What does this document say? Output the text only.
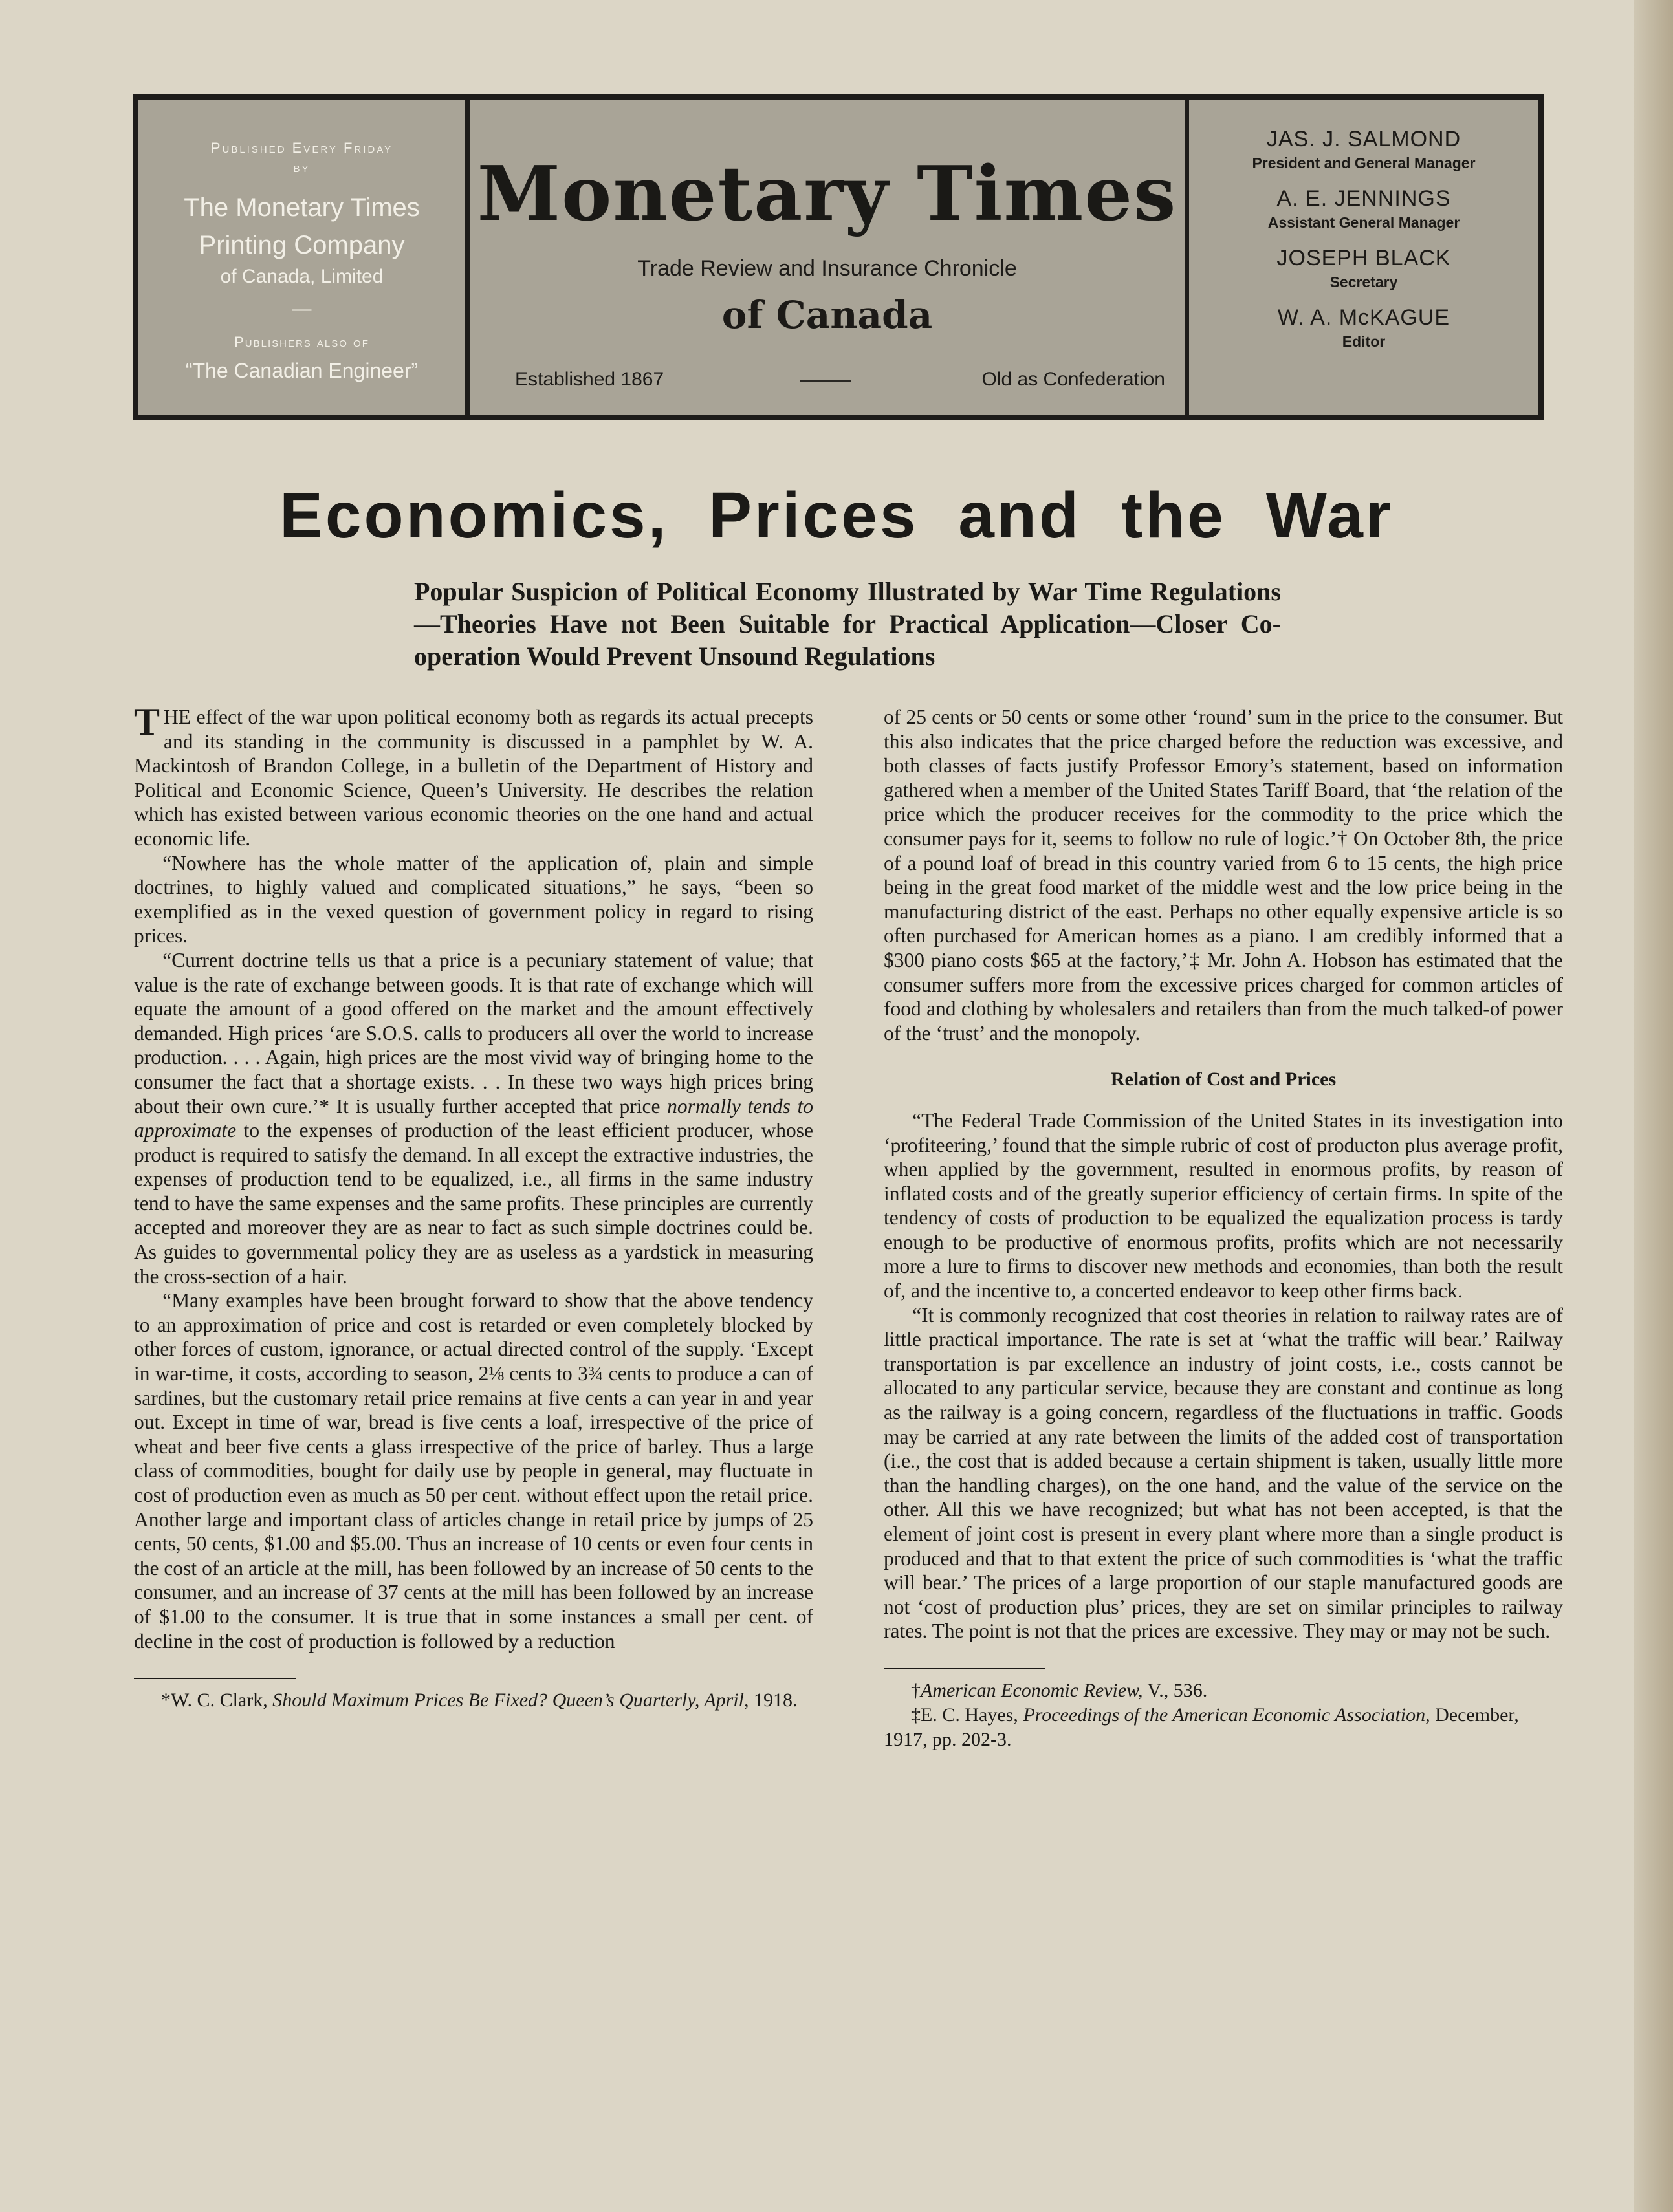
Published Every Friday
by
The Monetary Times
Printing Company
of Canada, Limited
—
Publishers also of
“The Canadian Engineer”
Monetary Times
Trade Review and Insurance Chronicle
of Canada
Established 1867	Old as Confederation
JAS. J. SALMOND
President and General Manager
A. E. JENNINGS
Assistant General Manager
JOSEPH BLACK
Secretary
W. A. McKAGUE
Editor
Economics, Prices and the War
Popular Suspicion of Political Economy Illustrated by War Time Regulations—Theories Have not Been Suitable for Practical Application—Closer Co-operation Would Prevent Unsound Regulations

THE effect of the war upon political economy both as regards its actual precepts and its standing in the community is discussed in a pamphlet by W. A. Mackintosh of Brandon College, in a bulletin of the Department of History and Political and Economic Science, Queen’s University. He describes the relation which has existed between various economic theories on the one hand and actual economic life.

“Nowhere has the whole matter of the application of, plain and simple doctrines, to highly valued and complicated situations,” he says, “been so exemplified as in the vexed question of government policy in regard to rising prices.

“Current doctrine tells us that a price is a pecuniary statement of value; that value is the rate of exchange between goods. It is that rate of exchange which will equate the amount of a good offered on the market and the amount effectively demanded. High prices ‘are S.O.S. calls to producers all over the world to increase production. . . . Again, high prices are the most vivid way of bringing home to the consumer the fact that a shortage exists. . . In these two ways high prices bring about their own cure.’* It is usually further accepted that price normally tends to approximate to the expenses of production of the least efficient producer, whose product is required to satisfy the demand. In all except the extractive industries, the expenses of production tend to be equalized, i.e., all firms in the same industry tend to have the same expenses and the same profits. These principles are currently accepted and moreover they are as near to fact as such simple doctrines could be. As guides to governmental policy they are as useless as a yardstick in measuring the cross-section of a hair.

“Many examples have been brought forward to show that the above tendency to an approximation of price and cost is retarded or even completely blocked by other forces of custom, ignorance, or actual directed control of the supply. ‘Except in war-time, it costs, according to season, 2⅛ cents to 3¾ cents to produce a can of sardines, but the customary retail price remains at five cents a can year in and year out. Except in time of war, bread is five cents a loaf, irrespective of the price of wheat and beer five cents a glass irrespective of the price of barley. Thus a large class of commodities, bought for daily use by people in general, may fluctuate in cost of production even as much as 50 per cent. without effect upon the retail price. Another large and important class of articles change in retail price by jumps of 25 cents, 50 cents, $1.00 and $5.00. Thus an increase of 10 cents or even four cents in the cost of an article at the mill, has been followed by an increase of 50 cents to the consumer, and an increase of 37 cents at the mill has been followed by an increase of $1.00 to the consumer. It is true that in some instances a small per cent. of decline in the cost of production is followed by a reduction

*W. C. Clark, Should Maximum Prices Be Fixed? Queen’s Quarterly, April, 1918.

of 25 cents or 50 cents or some other ‘round’ sum in the price to the consumer. But this also indicates that the price charged before the reduction was excessive, and both classes of facts justify Professor Emory’s statement, based on information gathered when a member of the United States Tariff Board, that ‘the relation of the price which the producer receives for the commodity to the price which the consumer pays for it, seems to follow no rule of logic.’† On October 8th, the price of a pound loaf of bread in this country varied from 6 to 15 cents, the high price being in the great food market of the middle west and the low price being in the manufacturing district of the east. Perhaps no other equally expensive article is so often purchased for American homes as a piano. I am credibly informed that a $300 piano costs $65 at the factory,’‡ Mr. John A. Hobson has estimated that the consumer suffers more from the excessive prices charged for common articles of food and clothing by wholesalers and retailers than from the much talked-of power of the ‘trust’ and the monopoly.

Relation of Cost and Prices

“The Federal Trade Commission of the United States in its investigation into ‘profiteering,’ found that the simple rubric of cost of producton plus average profit, when applied by the government, resulted in enormous profits, by reason of inflated costs and of the greatly superior efficiency of certain firms. In spite of the tendency of costs of production to be equalized the equalization process is tardy enough to be productive of enormous profits, profits which are not necessarily more a lure to firms to discover new methods and economies, than both the result of, and the incentive to, a concerted endeavor to keep other firms back.

“It is commonly recognized that cost theories in relation to railway rates are of little practical importance. The rate is set at ‘what the traffic will bear.’ Railway transportation is par excellence an industry of joint costs, i.e., costs cannot be allocated to any particular service, because they are constant and continue as long as the railway is a going concern, regardless of the fluctuations in traffic. Goods may be carried at any rate between the limits of the added cost of transportation (i.e., the cost that is added because a certain shipment is taken, usually little more than the handling charges), on the one hand, and the value of the service on the other. All this we have recognized; but what has not been accepted, is that the element of joint cost is present in every plant where more than a single product is produced and that to that extent the price of such commodities is ‘what the traffic will bear.’ The prices of a large proportion of our staple manufactured goods are not ‘cost of production plus’ prices, they are set on similar principles to railway rates. The point is not that the prices are excessive. They may or may not be such.

†American Economic Review, V., 536.
‡E. C. Hayes, Proceedings of the American Economic Association, December, 1917, pp. 202-3.
